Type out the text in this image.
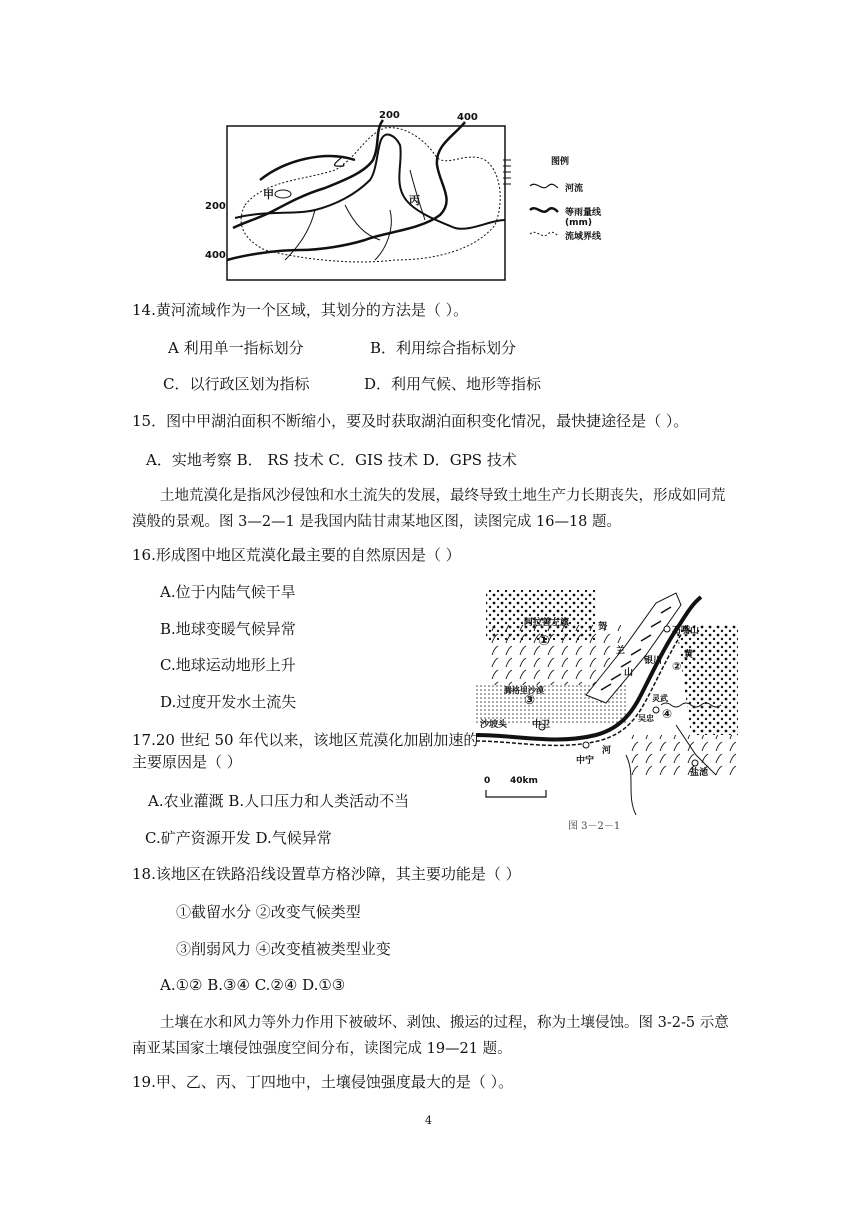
200	400
200
400
乙
甲	丙
图例
河流
等雨量线(mm)
流域界线
14.黄河流域作为一个区域，其划分的方法是（ ）。
A 利用单一指标划分	B．利用综合指标划分
C．以行政区划为指标	D．利用气候、地形等指标
15．图中甲湖泊面积不断缩小，要及时获取湖泊面积变化情况，最快捷途径是（ ）。
A．实地考察 B． RS 技术 C．GIS 技术 D．GPS 技术
土地荒漠化是指风沙侵蚀和水土流失的发展，最终导致土地生产力长期丧失，形成如同荒漠般的景观。图 3—2—1 是我国内陆甘肃某地区图，读图完成 16—18 题。
16.形成图中地区荒漠化最主要的自然原因是（ ）
A.位于内陆气候干旱
B.地球变暖气候异常
C.地球运动地形上升
D.过度开发水土流失
17.20 世纪 50 年代以来，该地区荒漠化加剧加速的
主要原因是（ ）
A.农业灌溉 B.人口压力和人类活动不当
C.矿产资源开发 D.气候异常
①
②
③
④
阿拉善左旗	贺
兰
山
石嘴山
银川
黄
腾格里沙漠
沙坡头	中卫
河
中宁
吴忠
灵武
盐池
0 40km
图 3－2－1
18.该地区在铁路沿线设置草方格沙障，其主要功能是（ ）
①截留水分 ②改变气候类型
③削弱风力 ④改变植被类型业变
A.①② B.③④ C.②④ D.①③
土壤在水和风力等外力作用下被破坏、剥蚀、搬运的过程，称为土壤侵蚀。图 3-2-5 示意南亚某国家土壤侵蚀强度空间分布，读图完成 19—21 题。
19.甲、乙、丙、丁四地中，土壤侵蚀强度最大的是（ ）。
4
